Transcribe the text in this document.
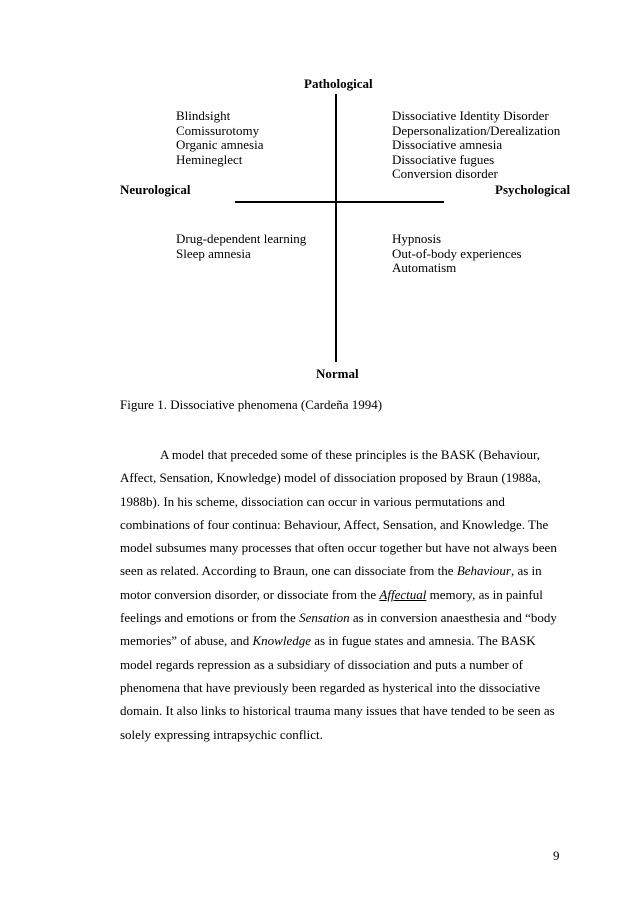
Pathological
Neurological	Psychological
Normal
Blindsight
Comissurotomy
Organic amnesia
Hemineglect
Dissociative Identity Disorder
Depersonalization/Derealization
Dissociative amnesia
Dissociative fugues
Conversion disorder
Drug-dependent learning
Sleep amnesia
Hypnosis
Out-of-body experiences
Automatism
Figure 1. Dissociative phenomena (Cardeña 1994)
A model that preceded some of these principles is the BASK (Behaviour,
Affect, Sensation, Knowledge) model of dissociation proposed by Braun (1988a,
1988b). In his scheme, dissociation can occur in various permutations and
combinations of four continua: Behaviour, Affect, Sensation, and Knowledge. The
model subsumes many processes that often occur together but have not always been
seen as related. According to Braun, one can dissociate from the Behaviour, as in
motor conversion disorder, or dissociate from the Affectual memory, as in painful
feelings and emotions or from the Sensation as in conversion anaesthesia and “body
memories” of abuse, and Knowledge as in fugue states and amnesia. The BASK
model regards repression as a subsidiary of dissociation and puts a number of
phenomena that have previously been regarded as hysterical into the dissociative
domain. It also links to historical trauma many issues that have tended to be seen as
solely expressing intrapsychic conflict.
9
